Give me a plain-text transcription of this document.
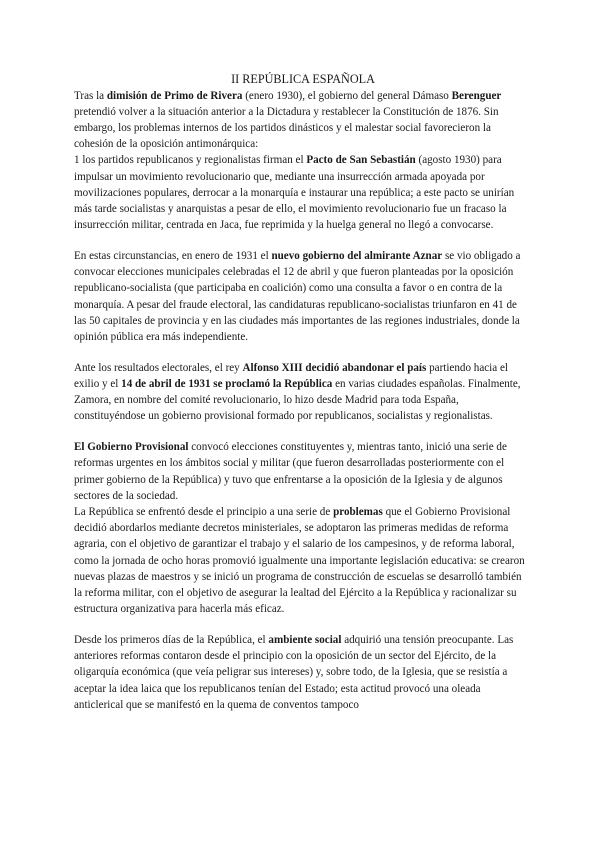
II REPÚBLICA ESPAÑOLA

Tras la dimisión de Primo de Rivera (enero 1930), el gobierno del general Dámaso Berenguer pretendió volver a la situación anterior a la Dictadura y restablecer la Constitución de 1876. Sin embargo, los problemas internos de los partidos dinásticos y el malestar social favorecieron la cohesión de la oposición antimonárquica:

1 los partidos republicanos y regionalistas firman el Pacto de San Sebastián (agosto 1930) para impulsar un movimiento revolucionario que, mediante una insurrección armada apoyada por movilizaciones populares, derrocar a la monarquía e instaurar una república; a este pacto se unirían más tarde socialistas y anarquistas a pesar de ello, el movimiento revolucionario fue un fracaso la insurrección militar, centrada en Jaca, fue reprimida y la huelga general no llegó a convocarse.

En estas circunstancias, en enero de 1931 el nuevo gobierno del almirante Aznar se vio obligado a convocar elecciones municipales celebradas el 12 de abril y que fueron planteadas por la oposición republicano-socialista (que participaba en coalición) como una consulta a favor o en contra de la monarquía. A pesar del fraude electoral, las candidaturas republicano-socialistas triunfaron en 41 de las 50 capitales de provincia y en las ciudades más importantes de las regiones industriales, donde la opinión pública era más independiente.

Ante los resultados electorales, el rey Alfonso XIII decidió abandonar el país partiendo hacia el exilio y el 14 de abril de 1931 se proclamó la República en varias ciudades españolas. Finalmente, Zamora, en nombre del comité revolucionario, lo hizo desde Madrid para toda España, constituyéndose un gobierno provisional formado por republicanos, socialistas y regionalistas.

El Gobierno Provisional convocó elecciones constituyentes y, mientras tanto, inició una serie de reformas urgentes en los ámbitos social y militar (que fueron desarrolladas posteriormente con el primer gobierno de la República) y tuvo que enfrentarse a la oposición de la Iglesia y de algunos sectores de la sociedad.

La República se enfrentó desde el principio a una serie de problemas que el Gobierno Provisional decidió abordarlos mediante decretos ministeriales, se adoptaron las primeras medidas de reforma agraria, con el objetivo de garantizar el trabajo y el salario de los campesinos, y de reforma laboral, como la jornada de ocho horas promovió igualmente una importante legislación educativa: se crearon nuevas plazas de maestros y se inició un programa de construcción de escuelas se desarrolló también la reforma militar, con el objetivo de asegurar la lealtad del Ejército a la República y racionalizar su estructura organizativa para hacerla más eficaz.

Desde los primeros días de la República, el ambiente social adquirió una tensión preocupante. Las anteriores reformas contaron desde el principio con la oposición de un sector del Ejército, de la oligarquía económica (que veía peligrar sus intereses) y, sobre todo, de la Iglesia, que se resistía a aceptar la idea laica que los republicanos tenían del Estado; esta actitud provocó una oleada anticlerical que se manifestó en la quema de conventos tampoco
